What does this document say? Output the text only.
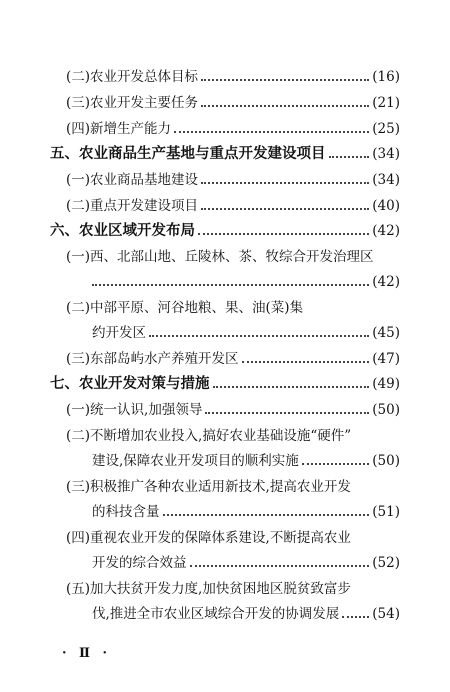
(二)农业开发总体目标	(16)
(三)农业开发主要任务	(21)
(四)新增生产能力	(25)
五、农业商品生产基地与重点开发建设项目	(34)
(一)农业商品基地建设	(34)
(二)重点开发建设项目	(40)
六、农业区域开发布局	(42)
(一)西、北部山地、丘陵林、茶、牧综合开发治理区
(42)
(二)中部平原、河谷地粮、果、油(菜)集
约开发区	(45)
(三)东部岛屿水产养殖开发区	(47)
七、农业开发对策与措施	(49)
(一)统一认识,加强领导	(50)
(二)不断增加农业投入,搞好农业基础设施“硬件”
建设,保障农业开发项目的顺利实施	(50)
(三)积极推广各种农业适用新技术,提高农业开发
的科技含量	(51)
(四)重视农业开发的保障体系建设,不断提高农业
开发的综合效益	(52)
(五)加大扶贫开发力度,加快贫困地区脱贫致富步
伐,推进全市农业区域综合开发的协调发展 (54)
· Ⅱ ·
